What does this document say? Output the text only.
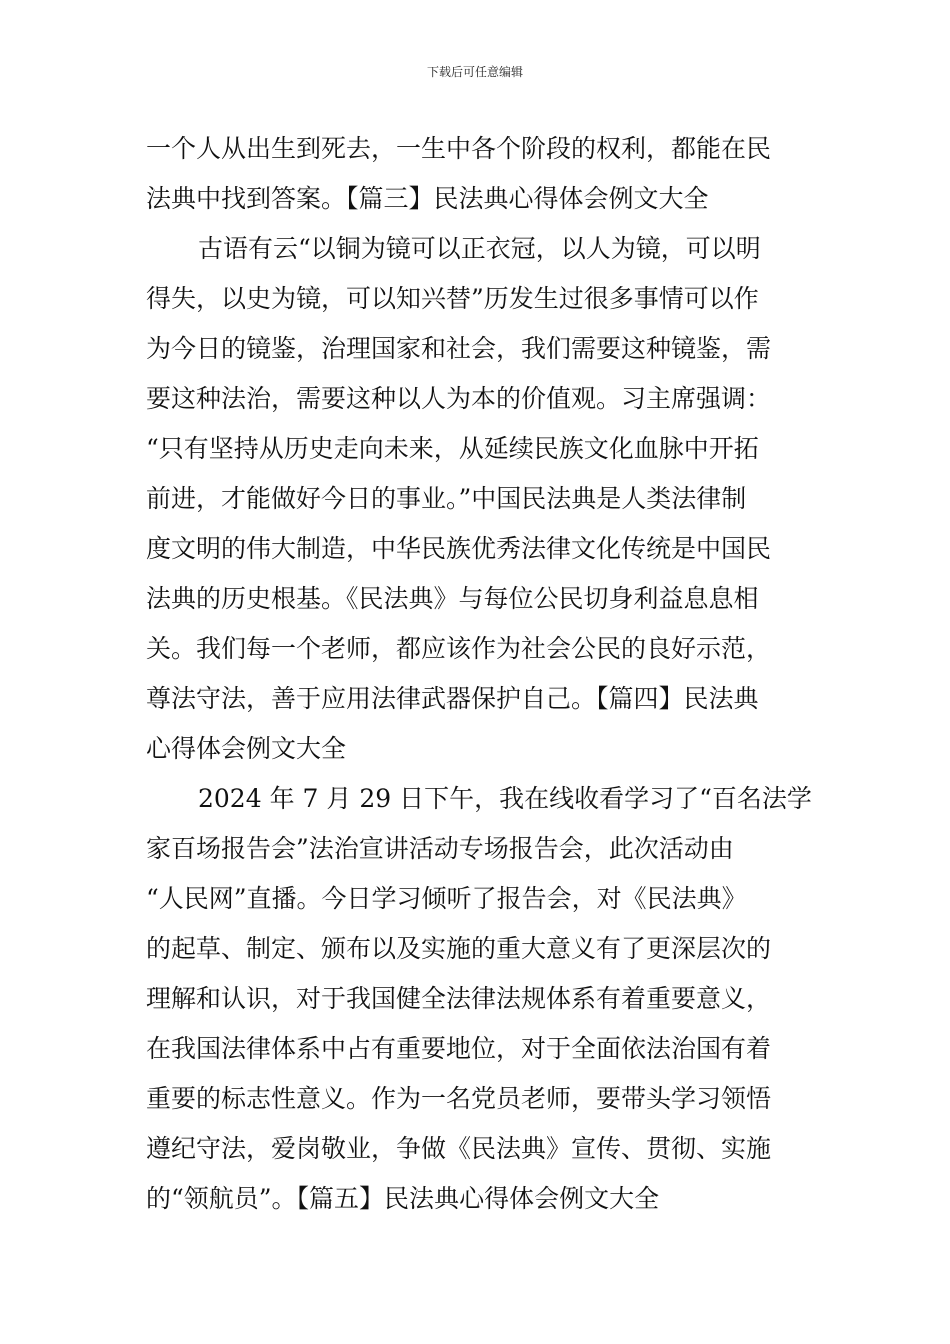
下载后可任意编辑
一个人从出生到死去，一生中各个阶段的权利，都能在民
法典中找到答案。【篇三】民法典心得体会例文大全
古语有云“以铜为镜可以正衣冠，以人为镜，可以明
得失，以史为镜，可以知兴替”历发生过很多事情可以作
为今日的镜鉴，治理国家和社会，我们需要这种镜鉴，需
要这种法治，需要这种以人为本的价值观。习主席强调：
“只有坚持从历史走向未来，从延续民族文化血脉中开拓
前进，才能做好今日的事业。”中国民法典是人类法律制
度文明的伟大制造，中华民族优秀法律文化传统是中国民
法典的历史根基。《民法典》与每位公民切身利益息息相
关。我们每一个老师，都应该作为社会公民的良好示范，
尊法守法，善于应用法律武器保护自己。【篇四】民法典
心得体会例文大全
2024 年 7 月 29 日下午，我在线收看学习了“百名法学
家百场报告会”法治宣讲活动专场报告会，此次活动由
“人民网”直播。今日学习倾听了报告会，对《民法典》
的起草、制定、颁布以及实施的重大意义有了更深层次的
理解和认识，对于我国健全法律法规体系有着重要意义，
在我国法律体系中占有重要地位，对于全面依法治国有着
重要的标志性意义。作为一名党员老师，要带头学习领悟
遵纪守法，爱岗敬业，争做《民法典》宣传、贯彻、实施
的“领航员”。【篇五】民法典心得体会例文大全
